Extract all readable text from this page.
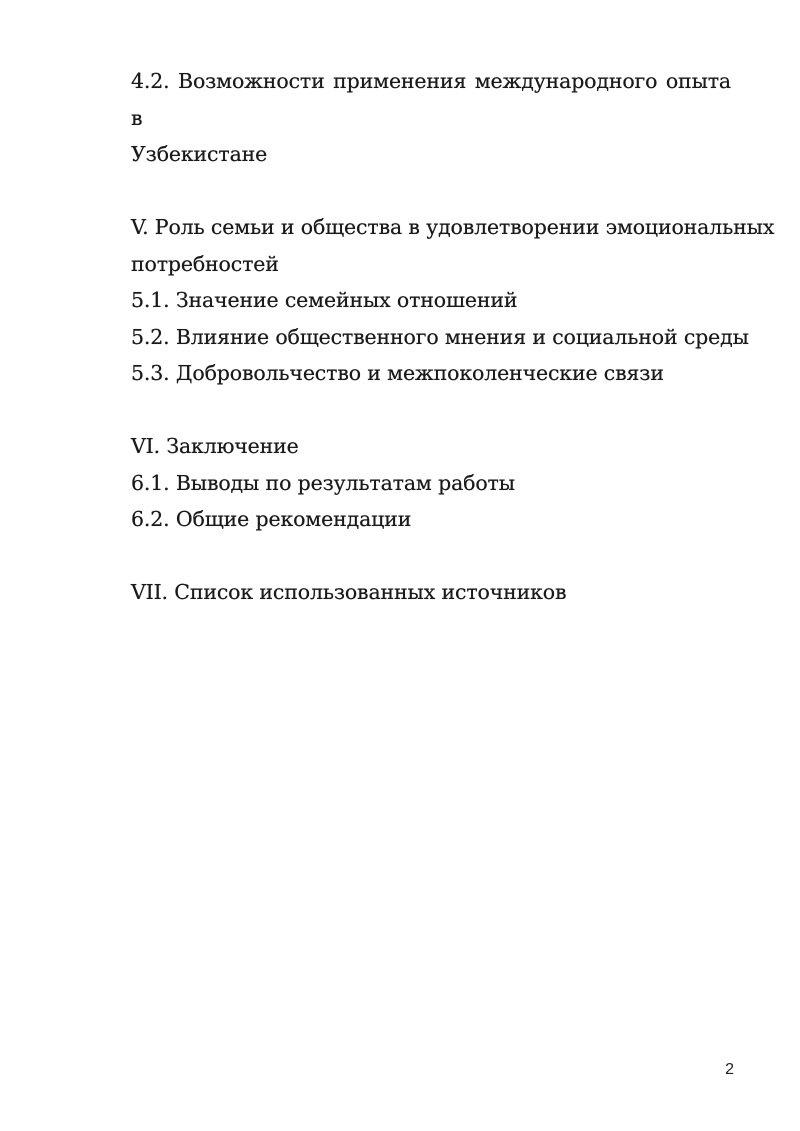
4.2. Возможности применения международного опыта в
Узбекистане
V. Роль семьи и общества в удовлетворении эмоциональных
потребностей
5.1. Значение семейных отношений
5.2. Влияние общественного мнения и социальной среды
5.3. Добровольчество и межпоколенческие связи
VI. Заключение
6.1. Выводы по результатам работы
6.2. Общие рекомендации
VII. Список использованных источников
2
